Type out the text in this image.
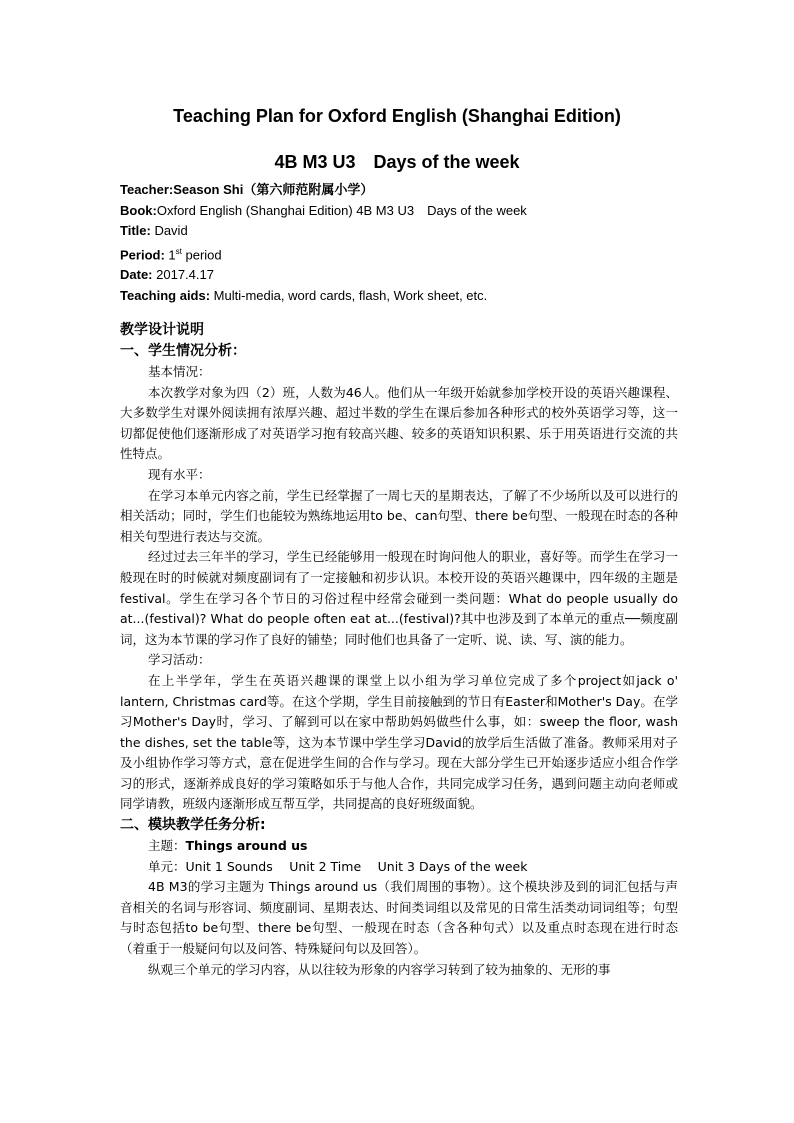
Teaching Plan for Oxford English (Shanghai Edition)
4B M3 U3　Days of the week
Teacher:Season Shi（第六师范附属小学）
Book:Oxford English (Shanghai Edition) 4B M3 U3　Days of the week
Title: David
Period: 1st period
Date: 2017.4.17
Teaching aids: Multi-media, word cards, flash, Work sheet, etc.
教学设计说明
一、学生情况分析：
基本情况：

本次教学对象为四（2）班，人数为46人。他们从一年级开始就参加学校开设的英语兴趣课程、大多数学生对课外阅读拥有浓厚兴趣、超过半数的学生在课后参加各种形式的校外英语学习等，这一切都促使他们逐渐形成了对英语学习抱有较高兴趣、较多的英语知识积累、乐于用英语进行交流的共性特点。

现有水平：

在学习本单元内容之前，学生已经掌握了一周七天的星期表达，了解了不少场所以及可以进行的相关活动；同时，学生们也能较为熟练地运用to be、can句型、there be句型、一般现在时态的各种相关句型进行表达与交流。

经过过去三年半的学习，学生已经能够用一般现在时询问他人的职业，喜好等。而学生在学习一般现在时的时候就对频度副词有了一定接触和初步认识。本校开设的英语兴趣课中，四年级的主题是festival。学生在学习各个节日的习俗过程中经常会碰到一类问题：What do people usually do at...(festival)? What do people often eat at...(festival)?其中也涉及到了本单元的重点──频度副词，这为本节课的学习作了良好的铺垫；同时他们也具备了一定听、说、读、写、演的能力。

学习活动：

在上半学年，学生在英语兴趣课的课堂上以小组为学习单位完成了多个project如jack o' lantern, Christmas card等。在这个学期，学生目前接触到的节日有Easter和Mother's Day。在学习Mother's Day时，学习、了解到可以在家中帮助妈妈做些什么事，如：sweep the floor, wash the dishes, set the table等，这为本节课中学生学习David的放学后生活做了准备。教师采用对子及小组协作学习等方式，意在促进学生间的合作与学习。现在大部分学生已开始逐步适应小组合作学习的形式，逐渐养成良好的学习策略如乐于与他人合作，共同完成学习任务，遇到问题主动向老师或同学请教，班级内逐渐形成互帮互学，共同提高的良好班级面貌。

二、模块教学任务分析:
主题：Things around us
单元：Unit 1 Sounds　 Unit 2 Time　 Unit 3 Days of the week

4B M3的学习主题为 Things around us（我们周围的事物）。这个模块涉及到的词汇包括与声音相关的名词与形容词、频度副词、星期表达、时间类词组以及常见的日常生活类动词词组等；句型与时态包括to be句型、there be句型、一般现在时态（含各种句式）以及重点时态现在进行时态（着重于一般疑问句以及问答、特殊疑问句以及回答）。

纵观三个单元的学习内容，从以往较为形象的内容学习转到了较为抽象的、无形的事
